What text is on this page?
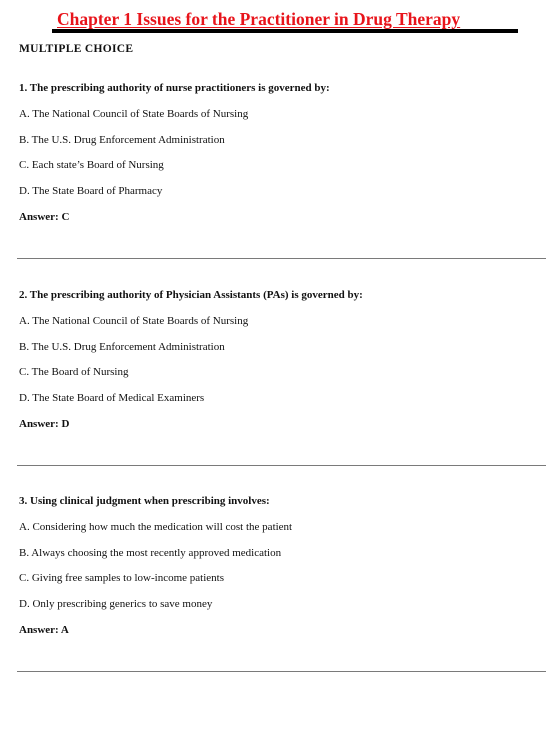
Chapter 1 Issues for the Practitioner in Drug Therapy
MULTIPLE CHOICE

1. The prescribing authority of nurse practitioners is governed by:

A. The National Council of State Boards of Nursing

B. The U.S. Drug Enforcement Administration

C. Each state’s Board of Nursing

D. The State Board of Pharmacy

Answer: C

2. The prescribing authority of Physician Assistants (PAs) is governed by:

A. The National Council of State Boards of Nursing

B. The U.S. Drug Enforcement Administration

C. The Board of Nursing

D. The State Board of Medical Examiners

Answer: D

3. Using clinical judgment when prescribing involves:

A. Considering how much the medication will cost the patient

B. Always choosing the most recently approved medication

C. Giving free samples to low-income patients

D. Only prescribing generics to save money

Answer: A
